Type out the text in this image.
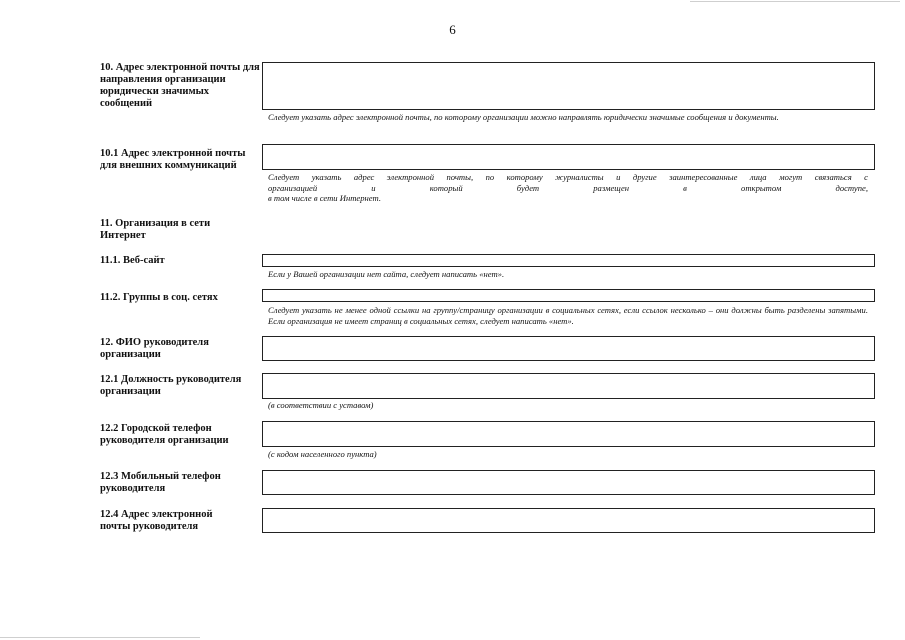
6
10. Адрес электронной почты для направления организации юридически значимых сообщений
Следует указать адрес электронной почты, по которому организации можно направлять юридически значимые сообщения и документы.
10.1 Адрес электронной почты для внешних коммуникаций
Следует указать адрес электронной почты, по которому журналисты и другие заинтересованные лица могут связаться с
организацией и который будет размещен в открытом доступе,
в том числе в сети Интернет.
11. Организация в сети Интернет
11.1. Веб-сайт
Если у Вашей организации нет сайта, следует написать «нет».
11.2. Группы в соц. сетях
Следует указать не менее одной ссылки на группу/страницу организации в социальных сетях, если ссылок несколько – они должны быть разделены запятыми. Если организация не имеет страниц в социальных сетях, следует написать «нет».
12. ФИО руководителя организации
12.1 Должность руководителя организации
(в соответствии с уставом)
12.2 Городской телефон руководителя организации
(с кодом населенного пункта)
12.3 Мобильный телефон руководителя
12.4 Адрес электронной почты руководителя
